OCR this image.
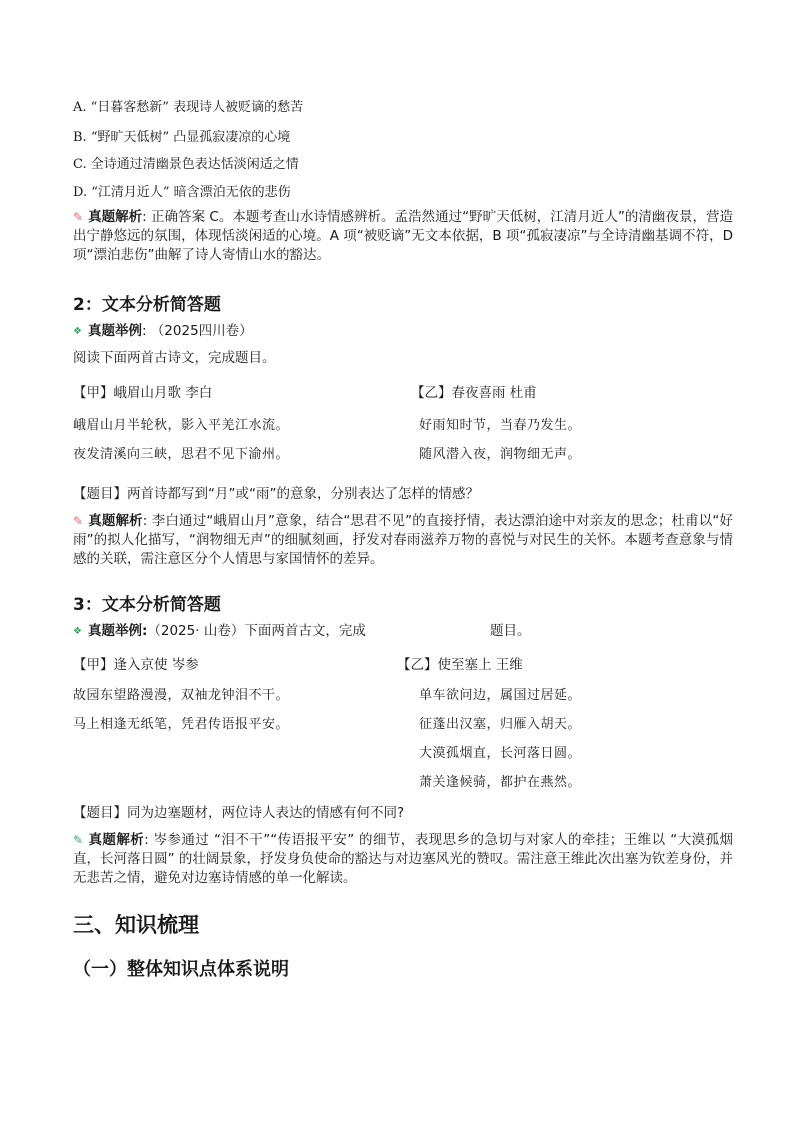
A. “日暮客愁新” 表现诗人被贬谪的愁苦
B. “野旷天低树” 凸显孤寂凄凉的心境
C. 全诗通过清幽景色表达恬淡闲适之情
D. “江清月近人” 暗含漂泊无依的悲伤
✎ 真题解析: 正确答案 C。本题考查山水诗情感辨析。孟浩然通过“野旷天低树，江清月近人”的清幽夜景，营造出宁静悠远的氛围，体现恬淡闲适的心境。A 项“被贬谪”无文本依据，B 项“孤寂凄凉”与全诗清幽基调不符，D 项“漂泊悲伤”曲解了诗人寄情山水的豁达。
2：文本分析简答题
❖ 真题举例: （2025四川卷）
阅读下面两首古诗文，完成题目。
【甲】峨眉山月歌 李白
峨眉山月半轮秋，影入平羌江水流。
夜发清溪向三峡，思君不见下渝州。
【乙】春夜喜雨 杜甫
好雨知时节，当春乃发生。
随风潜入夜，润物细无声。
【题目】两首诗都写到“月”或“雨”的意象，分别表达了怎样的情感？
✎ 真题解析: 李白通过“峨眉山月”意象，结合“思君不见”的直接抒情，表达漂泊途中对亲友的思念；杜甫以“好雨”的拟人化描写，“润物细无声”的细腻刻画，抒发对春雨滋养万物的喜悦与对民生的关怀。本题考查意象与情感的关联，需注意区分个人情思与家国情怀的差异。
3：文本分析简答题
❖ 真题举例:（2025· 山卷）下面两首古文，完成	题目。
【甲】逢入京使 岑参
故园东望路漫漫，双袖龙钟泪不干。
马上相逢无纸笔，凭君传语报平安。
【乙】使至塞上 王维
单车欲问边，属国过居延。
征蓬出汉塞，归雁入胡天。
大漠孤烟直，长河落日圆。
萧关逢候骑，都护在燕然。
【题目】同为边塞题材，两位诗人表达的情感有何不同?
✎ 真题解析: 岑参通过 “泪不干”“传语报平安” 的细节，表现思乡的急切与对家人的牵挂；王维以 “大漠孤烟直，长河落日圆” 的壮阔景象，抒发身负使命的豁达与对边塞风光的赞叹。需注意王维此次出塞为钦差身份，并无悲苦之情，避免对边塞诗情感的单一化解读。
三、知识梳理
（一）整体知识点体系说明
